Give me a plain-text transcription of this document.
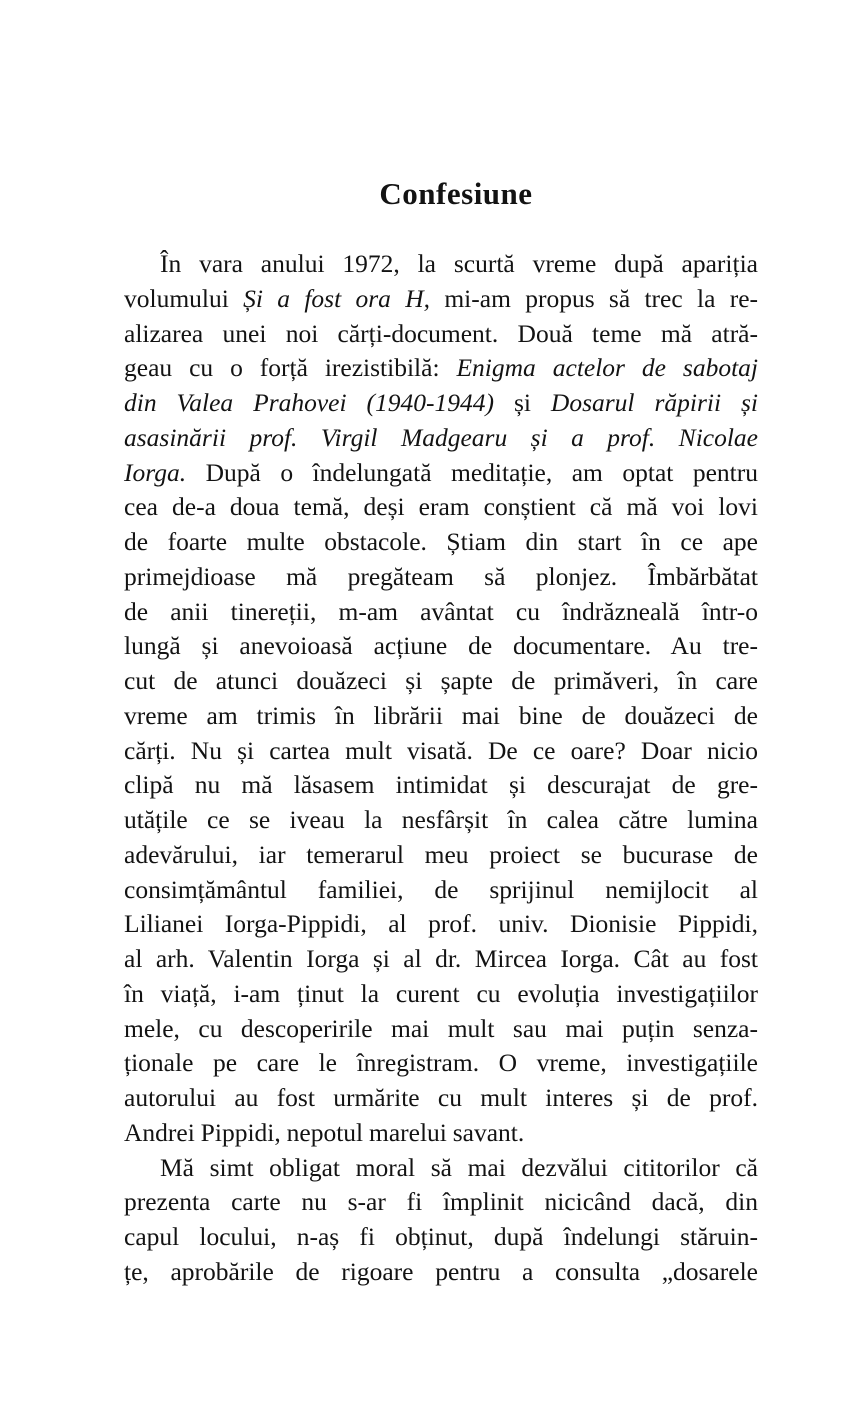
Confesiune
În vara anului 1972, la scurtă vreme după apariția
volumului Și a fost ora H, mi-am propus să trec la re-
alizarea unei noi cărți-document. Două teme mă atră-
geau cu o forță irezistibilă: Enigma actelor de sabotaj
din Valea Prahovei (1940-1944) și Dosarul răpirii și
asasinării prof. Virgil Madgearu și a prof. Nicolae
Iorga. După o îndelungată meditație, am optat pentru
cea de-a doua temă, deși eram conștient că mă voi lovi
de foarte multe obstacole. Știam din start în ce ape
primejdioase mă pregăteam să plonjez. Îmbărbătat
de anii tinereții, m-am avântat cu îndrăzneală într-o
lungă și anevoioasă acțiune de documentare. Au tre-
cut de atunci douăzeci și șapte de primăveri, în care
vreme am trimis în librării mai bine de douăzeci de
cărți. Nu și cartea mult visată. De ce oare? Doar nicio
clipă nu mă lăsasem intimidat și descurajat de gre-
utățile ce se iveau la nesfârșit în calea către lumina
adevărului, iar temerarul meu proiect se bucurase de
consimțământul familiei, de sprijinul nemijlocit al
Lilianei Iorga-Pippidi, al prof. univ. Dionisie Pippidi,
al arh. Valentin Iorga și al dr. Mircea Iorga. Cât au fost
în viață, i-am ținut la curent cu evoluția investigațiilor
mele, cu descoperirile mai mult sau mai puțin senza-
ționale pe care le înregistram. O vreme, investigațiile
autorului au fost urmărite cu mult interes și de prof.
Andrei Pippidi, nepotul marelui savant.
Mă simt obligat moral să mai dezvălui cititorilor că
prezenta carte nu s-ar fi împlinit nicicând dacă, din
capul locului, n-aș fi obținut, după îndelungi stăruin-
țe, aprobările de rigoare pentru a consulta „dosarele
